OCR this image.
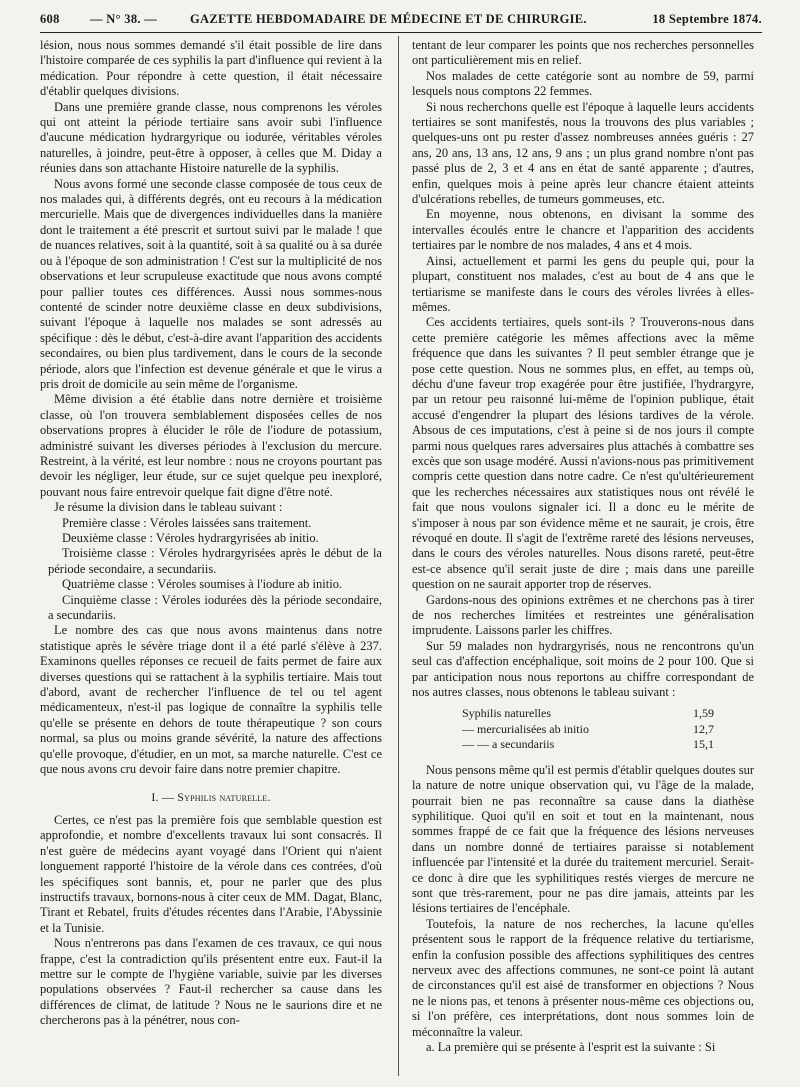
608 — N° 38. —	GAZETTE HEBDOMADAIRE DE MÉDECINE ET DE CHIRURGIE.	18 Septembre 1874.

lésion, nous nous sommes demandé s'il était possible de lire dans l'histoire comparée de ces syphilis la part d'influence qui revient à la médication. Pour répondre à cette question, il était nécessaire d'établir quelques divisions.

Dans une première grande classe, nous comprenons les véroles qui ont atteint la période tertiaire sans avoir subi l'influence d'aucune médication hydrargyrique ou iodurée, véritables véroles naturelles, à joindre, peut-être à opposer, à celles que M. Diday a réunies dans son attachante Histoire naturelle de la syphilis.

Nous avons formé une seconde classe composée de tous ceux de nos malades qui, à différents degrés, ont eu recours à la médication mercurielle. Mais que de divergences individuelles dans la manière dont le traitement a été prescrit et surtout suivi par le malade ! que de nuances relatives, soit à la quantité, soit à sa qualité ou à sa durée ou à l'époque de son administration ! C'est sur la multiplicité de nos observations et leur scrupuleuse exactitude que nous avons compté pour pallier toutes ces différences. Aussi nous sommes-nous contenté de scinder notre deuxième classe en deux subdivisions, suivant l'époque à laquelle nos malades se sont adressés au spécifique : dès le début, c'est-à-dire avant l'apparition des accidents secondaires, ou bien plus tardivement, dans le cours de la seconde période, alors que l'infection est devenue générale et que le virus a pris droit de domicile au sein même de l'organisme.

Même division a été établie dans notre dernière et troisième classe, où l'on trouvera semblablement disposées celles de nos observations propres à élucider le rôle de l'iodure de potassium, administré suivant les diverses périodes à l'exclusion du mercure. Restreint, à la vérité, est leur nombre : nous ne croyons pourtant pas devoir les négliger, leur étude, sur ce sujet quelque peu inexploré, pouvant nous faire entrevoir quelque fait digne d'être noté.

Je résume la division dans le tableau suivant :

Première classe : Véroles laissées sans traitement.

Deuxième classe : Véroles hydrargyrisées ab initio.

Troisième classe : Véroles hydrargyrisées après le début de la période secondaire, a secundariis.

Quatrième classe : Véroles soumises à l'iodure ab initio.

Cinquième classe : Véroles iodurées dès la période secondaire, a secundariis.

Le nombre des cas que nous avons maintenus dans notre statistique après le sévère triage dont il a été parlé s'élève à 237. Examinons quelles réponses ce recueil de faits permet de faire aux diverses questions qui se rattachent à la syphilis tertiaire. Mais tout d'abord, avant de rechercher l'influence de tel ou tel agent médicamenteux, n'est-il pas logique de connaître la syphilis telle qu'elle se présente en dehors de toute thérapeutique ? son cours normal, sa plus ou moins grande sévérité, la nature des affections qu'elle provoque, d'étudier, en un mot, sa marche naturelle. C'est ce que nous avons cru devoir faire dans notre premier chapitre.

I. — Syphilis naturelle.

Certes, ce n'est pas la première fois que semblable question est approfondie, et nombre d'excellents travaux lui sont consacrés. Il n'est guère de médecins ayant voyagé dans l'Orient qui n'aient longuement rapporté l'histoire de la vérole dans ces contrées, d'où les spécifiques sont bannis, et, pour ne parler que des plus instructifs travaux, bornons-nous à citer ceux de MM. Dagat, Blanc, Tirant et Rebatel, fruits d'études récentes dans l'Arabie, l'Abyssinie et la Tunisie.

Nous n'entrerons pas dans l'examen de ces travaux, ce qui nous frappe, c'est la contradiction qu'ils présentent entre eux. Faut-il la mettre sur le compte de l'hygiène variable, suivie par les diverses populations observées ? Faut-il rechercher sa cause dans les différences de climat, de latitude ? Nous ne le saurions dire et ne chercherons pas à la pénétrer, nous con-

tentant de leur comparer les points que nos recherches personnelles ont particulièrement mis en relief.

Nos malades de cette catégorie sont au nombre de 59, parmi lesquels nous comptons 22 femmes.

Si nous recherchons quelle est l'époque à laquelle leurs accidents tertiaires se sont manifestés, nous la trouvons des plus variables ; quelques-uns ont pu rester d'assez nombreuses années guéris : 27 ans, 20 ans, 13 ans, 12 ans, 9 ans ; un plus grand nombre n'ont pas passé plus de 2, 3 et 4 ans en état de santé apparente ; d'autres, enfin, quelques mois à peine après leur chancre étaient atteints d'ulcérations rebelles, de tumeurs gommeuses, etc.

En moyenne, nous obtenons, en divisant la somme des intervalles écoulés entre le chancre et l'apparition des accidents tertiaires par le nombre de nos malades, 4 ans et 4 mois.

Ainsi, actuellement et parmi les gens du peuple qui, pour la plupart, constituent nos malades, c'est au bout de 4 ans que le tertiarisme se manifeste dans le cours des véroles livrées à elles-mêmes.

Ces accidents tertiaires, quels sont-ils ? Trouverons-nous dans cette première catégorie les mêmes affections avec la même fréquence que dans les suivantes ? Il peut sembler étrange que je pose cette question. Nous ne sommes plus, en effet, au temps où, déchu d'une faveur trop exagérée pour être justifiée, l'hydrargyre, par un retour peu raisonné lui-même de l'opinion publique, était accusé d'engendrer la plupart des lésions tardives de la vérole. Absous de ces imputations, c'est à peine si de nos jours il compte parmi nous quelques rares adversaires plus attachés à combattre ses excès que son usage modéré. Aussi n'avions-nous pas primitivement compris cette question dans notre cadre. Ce n'est qu'ultérieurement que les recherches nécessaires aux statistiques nous ont révélé le fait que nous voulons signaler ici. Il a donc eu le mérite de s'imposer à nous par son évidence même et ne saurait, je crois, être révoqué en doute. Il s'agit de l'extrême rareté des lésions nerveuses, dans le cours des véroles naturelles. Nous disons rareté, peut-être est-ce absence qu'il serait juste de dire ; mais dans une pareille question on ne saurait apporter trop de réserves.

Gardons-nous des opinions extrêmes et ne cherchons pas à tirer de nos recherches limitées et restreintes une généralisation imprudente. Laissons parler les chiffres.

Sur 59 malades non hydrargyrisés, nous ne rencontrons qu'un seul cas d'affection encéphalique, soit moins de 2 pour 100. Que si par anticipation nous nous reportons au chiffre correspondant de nos autres classes, nous obtenons le tableau suivant :

Syphilis naturelles	1,59
— mercurialisées ab initio	12,7
— — a secundariis	15,1

Nous pensons même qu'il est permis d'établir quelques doutes sur la nature de notre unique observation qui, vu l'âge de la malade, pourrait bien ne pas reconnaître sa cause dans la diathèse syphilitique. Quoi qu'il en soit et tout en la maintenant, nous sommes frappé de ce fait que la fréquence des lésions nerveuses dans un nombre donné de tertiaires paraisse si notablement influencée par l'intensité et la durée du traitement mercuriel. Serait-ce donc à dire que les syphilitiques restés vierges de mercure ne sont que très-rarement, pour ne pas dire jamais, atteints par les lésions tertiaires de l'encéphale.

Toutefois, la nature de nos recherches, la lacune qu'elles présentent sous le rapport de la fréquence relative du tertiarisme, enfin la confusion possible des affections syphilitiques des centres nerveux avec des affections communes, ne sont-ce point là autant de circonstances qu'il est aisé de transformer en objections ? Nous ne le nions pas, et tenons à présenter nous-même ces objections ou, si l'on préfère, ces interprétations, dont nous sommes loin de méconnaître la valeur.

a. La première qui se présente à l'esprit est la suivante : Si
